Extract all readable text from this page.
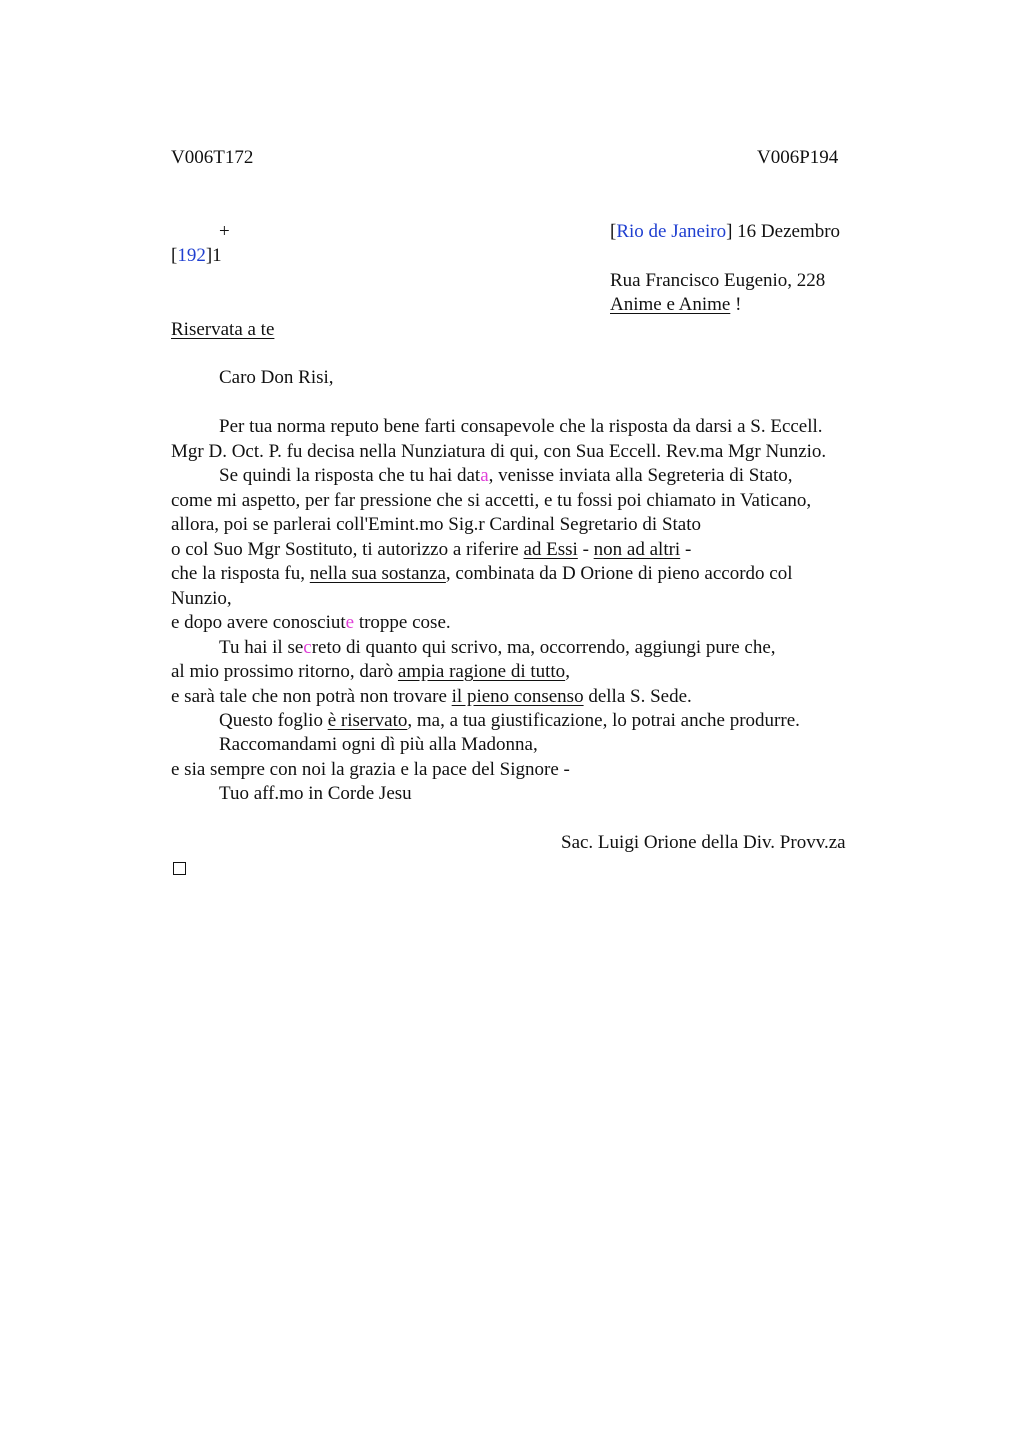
V006T172	V006P194
+	[Rio de Janeiro] 16 Dezembro
[192]1
Rua Francisco Eugenio, 228
Anime e Anime !
Riservata a te
Caro Don Risi,
Per tua norma reputo bene farti consapevole che la risposta da darsi a S. Eccell.
Mgr D. Oct. P. fu decisa nella Nunziatura di qui, con Sua Eccell. Rev.ma Mgr Nunzio.
Se quindi la risposta che tu hai data, venisse inviata alla Segreteria di Stato,
come mi aspetto, per far pressione che si accetti, e tu fossi poi chiamato in Vaticano,
allora, poi se parlerai coll'Emint.mo Sig.r Cardinal Segretario di Stato
o col Suo Mgr Sostituto, ti autorizzo a riferire ad Essi - non ad altri -
che la risposta fu, nella sua sostanza, combinata da D Orione di pieno accordo col
Nunzio,
e dopo avere conosciute troppe cose.
Tu hai il secreto di quanto qui scrivo, ma, occorrendo, aggiungi pure che,
al mio prossimo ritorno, darò ampia ragione di tutto,
e sarà tale che non potrà non trovare il pieno consenso della S. Sede.
Questo foglio è riservato, ma, a tua giustificazione, lo potrai anche produrre.
Raccomandami ogni dì più alla Madonna,
e sia sempre con noi la grazia e la pace del Signore -
Tuo aff.mo in Corde Jesu
Sac. Luigi Orione della Div. Provv.za
